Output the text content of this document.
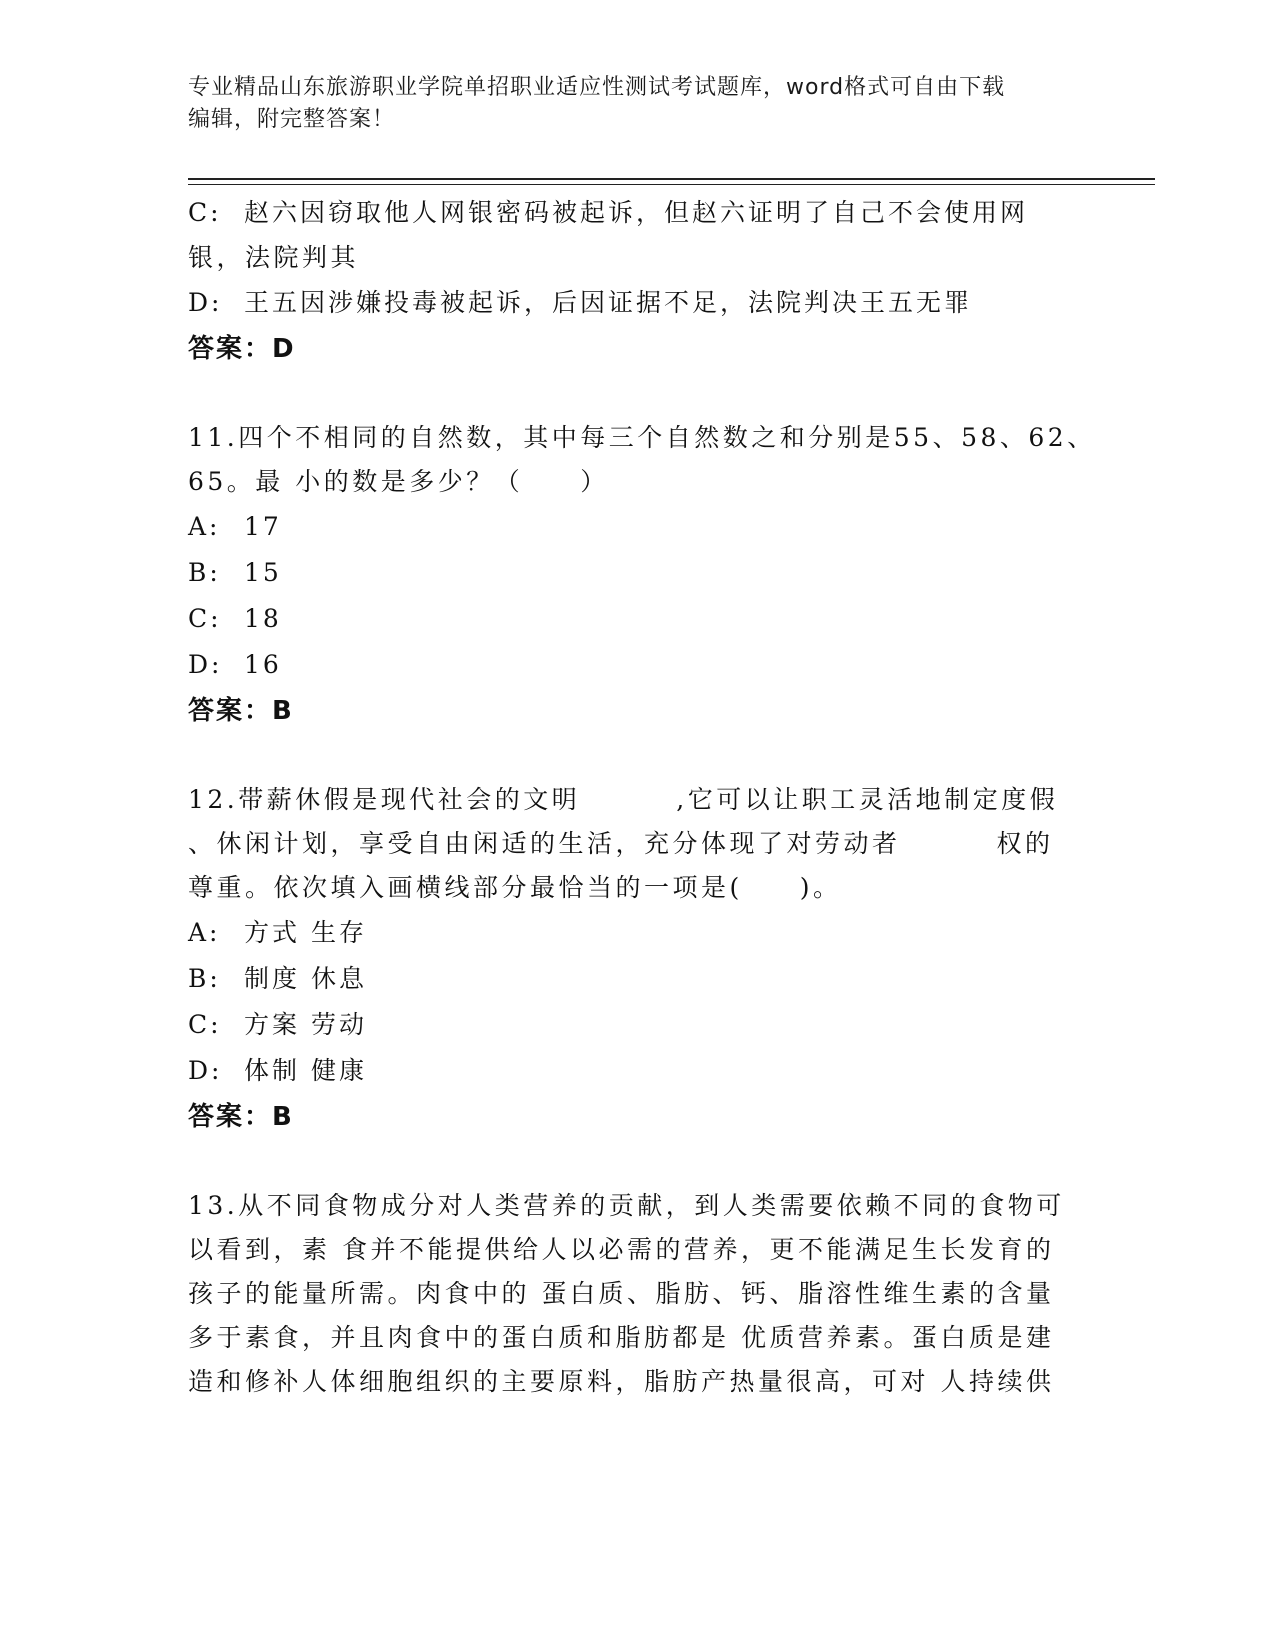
专业精品山东旅游职业学院单招职业适应性测试考试题库，word格式可自由下载
编辑，附完整答案！
C: 赵六因窃取他人网银密码被起诉，但赵六证明了自己不会使用网
银，法院判其
D: 王五因涉嫌投毒被起诉，后因证据不足，法院判决王五无罪
答案：D
11.四个不相同的自然数，其中每三个自然数之和分别是55、58、62、
65。最 小的数是多少？（　　）
A: 17
B: 15
C: 18
D: 16
答案：B
12.带薪休假是现代社会的文明	,它可以让职工灵活地制定度假
、休闲计划，享受自由闲适的生活，充分体现了对劳动者	权的
尊重。依次填入画横线部分最恰当的一项是(　　)。
A: 方式 生存
B: 制度 休息
C: 方案 劳动
D: 体制 健康
答案：B
13.从不同食物成分对人类营养的贡献，到人类需要依赖不同的食物可
以看到，素 食并不能提供给人以必需的营养，更不能满足生长发育的
孩子的能量所需。肉食中的 蛋白质、脂肪、钙、脂溶性维生素的含量
多于素食，并且肉食中的蛋白质和脂肪都是 优质营养素。蛋白质是建
造和修补人体细胞组织的主要原料，脂肪产热量很高，可对 人持续供
